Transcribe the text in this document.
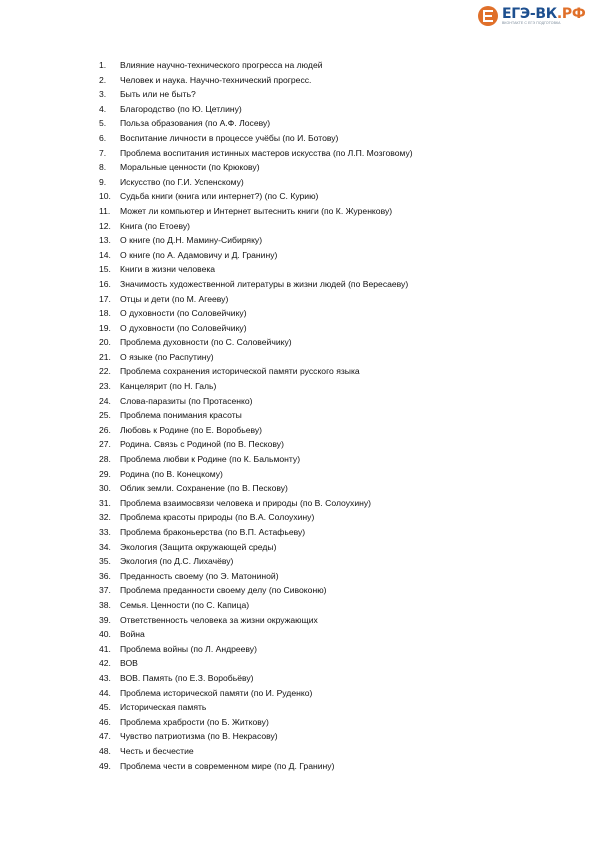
ЕГЭ-ВК.РФ
ВКОНТАКТЕ С ЕГЭ ПОДГОТОВКА
1.	Влияние научно-технического прогресса на людей
2.	Человек и наука. Научно-технический прогресс.
3.	Быть или не быть?
4.	Благородство (по Ю. Цетлину)
5.	Польза образования (по А.Ф. Лосеву)
6.	Воспитание личности в процессе учёбы (по И. Ботову)
7.	Проблема воспитания истинных мастеров искусства (по Л.П. Мозговому)
8.	Моральные ценности (по Крюкову)
9.	Искусство (по Г.И. Успенскому)
10.	Судьба книги (книга или интернет?) (по С. Курию)
11.	Может ли компьютер и Интернет вытеснить книги (по К. Журенкову)
12.	Книга (по Етоеву)
13.	О книге (по Д.Н. Мамину-Сибиряку)
14.	О книге (по А. Адамовичу и Д. Гранину)
15.	Книги в жизни человека
16.	Значимость художественной литературы в жизни людей (по Вересаеву)
17.	Отцы и дети (по М. Агееву)
18.	О духовности (по Соловейчику)
19.	О духовности (по Соловейчику)
20.	Проблема духовности (по С. Соловейчику)
21.	О языке (по Распутину)
22.	Проблема сохранения исторической памяти русского языка
23.	Канцелярит (по Н. Галь)
24.	Слова-паразиты (по Протасенко)
25.	Проблема понимания красоты
26.	Любовь к Родине (по Е. Воробьеву)
27.	Родина. Связь с Родиной (по В. Пескову)
28.	Проблема любви к Родине (по К. Бальмонту)
29.	Родина (по В. Конецкому)
30.	Облик земли. Сохранение (по В. Пескову)
31.	Проблема взаимосвязи человека и природы (по В. Солоухину)
32.	Проблема красоты природы (по В.А. Солоухину)
33.	Проблема браконьерства (по В.П. Астафьеву)
34.	Экология (Защита окружающей среды)
35.	Экология (по Д.С. Лихачёву)
36.	Преданность своему (по Э. Матониной)
37.	Проблема преданности своему делу (по Сивоконю)
38.	Семья. Ценности (по С. Капица)
39.	Ответственность человека за жизни окружающих
40.	Война
41.	Проблема войны (по Л. Андрееву)
42.	ВОВ
43.	ВОВ. Память (по Е.З. Воробьёву)
44.	Проблема исторической памяти (по И. Руденко)
45.	Историческая память
46.	Проблема храбрости (по Б. Житкову)
47.	Чувство патриотизма (по В. Некрасову)
48.	Честь и бесчестие
49.	Проблема чести в современном мире (по Д. Гранину)
